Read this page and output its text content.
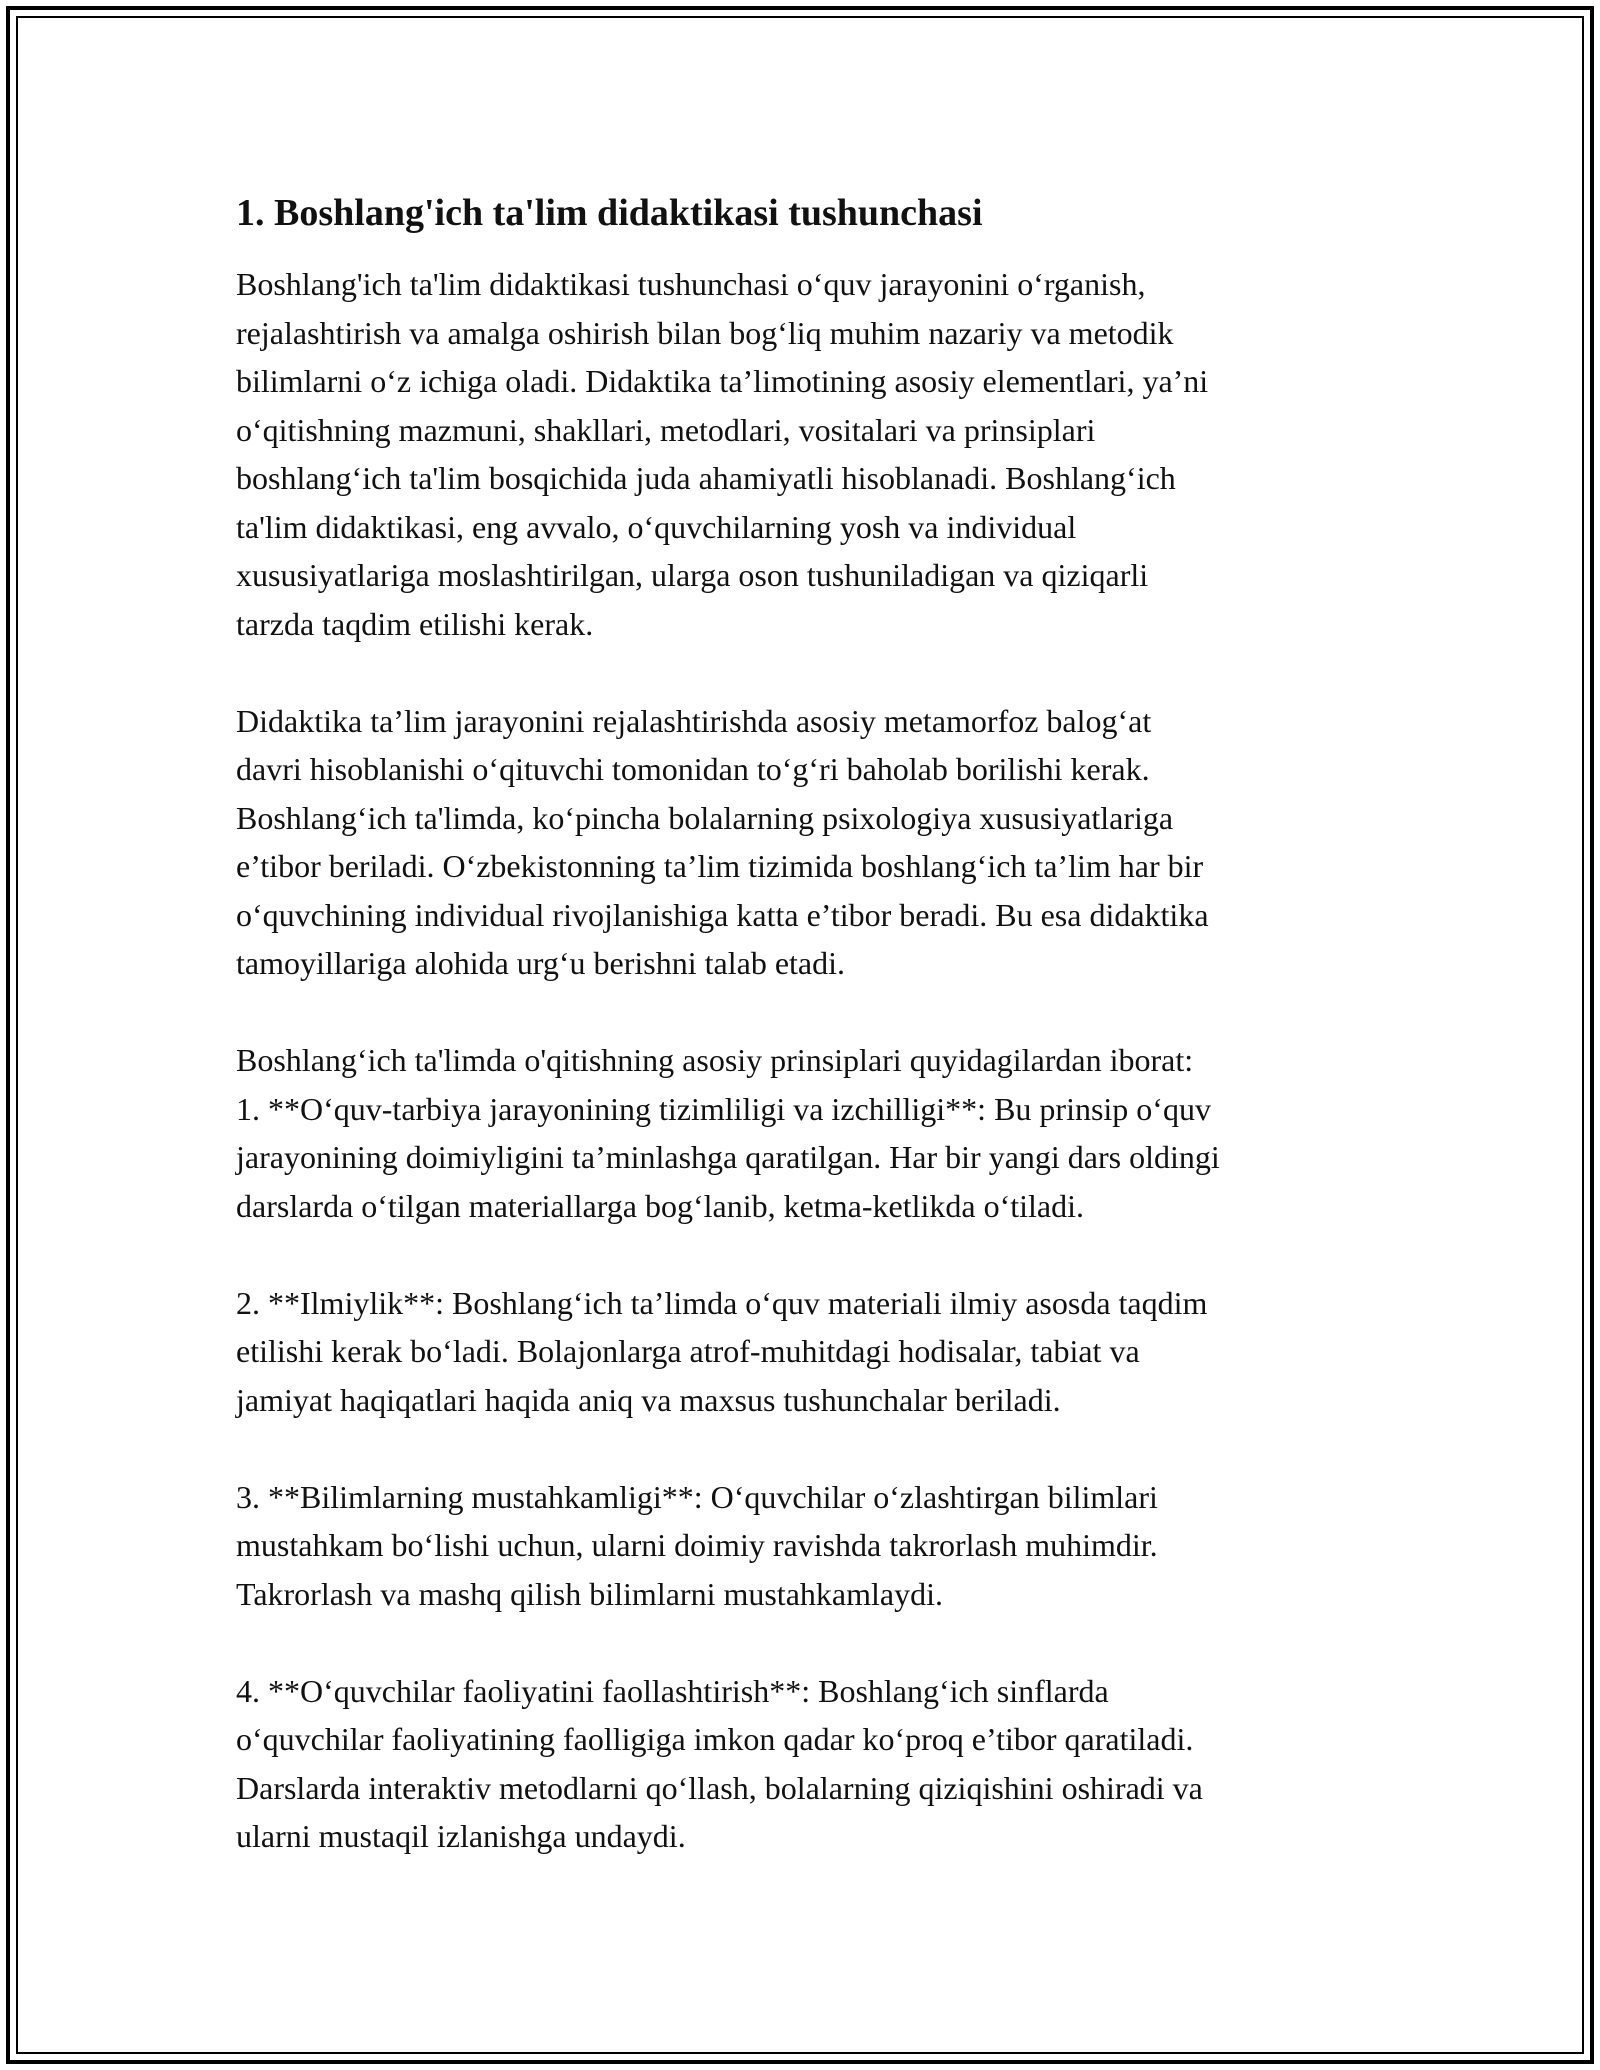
1. Boshlang'ich ta'lim didaktikasi tushunchasi

Boshlang'ich ta'lim didaktikasi tushunchasi o‘quv jarayonini o‘rganish,
rejalashtirish va amalga oshirish bilan bog‘liq muhim nazariy va metodik
bilimlarni o‘z ichiga oladi. Didaktika ta’limotining asosiy elementlari, ya’ni
o‘qitishning mazmuni, shakllari, metodlari, vositalari va prinsiplari
boshlang‘ich ta'lim bosqichida juda ahamiyatli hisoblanadi. Boshlang‘ich
ta'lim didaktikasi, eng avvalo, o‘quvchilarning yosh va individual
xususiyatlariga moslashtirilgan, ularga oson tushuniladigan va qiziqarli
tarzda taqdim etilishi kerak.

Didaktika ta’lim jarayonini rejalashtirishda asosiy metamorfoz balog‘at
davri hisoblanishi o‘qituvchi tomonidan to‘g‘ri baholab borilishi kerak.
Boshlang‘ich ta'limda, ko‘pincha bolalarning psixologiya xususiyatlariga
e’tibor beriladi. O‘zbekistonning ta’lim tizimida boshlang‘ich ta’lim har bir
o‘quvchining individual rivojlanishiga katta e’tibor beradi. Bu esa didaktika
tamoyillariga alohida urg‘u berishni talab etadi.

Boshlang‘ich ta'limda o'qitishning asosiy prinsiplari quyidagilardan iborat:
1. **O‘quv-tarbiya jarayonining tizimliligi va izchilligi**: Bu prinsip o‘quv
jarayonining doimiyligini ta’minlashga qaratilgan. Har bir yangi dars oldingi
darslarda o‘tilgan materiallarga bog‘lanib, ketma-ketlikda o‘tiladi.

2. **Ilmiylik**: Boshlang‘ich ta’limda o‘quv materiali ilmiy asosda taqdim
etilishi kerak bo‘ladi. Bolajonlarga atrof-muhitdagi hodisalar, tabiat va
jamiyat haqiqatlari haqida aniq va maxsus tushunchalar beriladi.

3. **Bilimlarning mustahkamligi**: O‘quvchilar o‘zlashtirgan bilimlari
mustahkam bo‘lishi uchun, ularni doimiy ravishda takrorlash muhimdir.
Takrorlash va mashq qilish bilimlarni mustahkamlaydi.

4. **O‘quvchilar faoliyatini faollashtirish**: Boshlang‘ich sinflarda
o‘quvchilar faoliyatining faolligiga imkon qadar ko‘proq e’tibor qaratiladi.
Darslarda interaktiv metodlarni qo‘llash, bolalarning qiziqishini oshiradi va
ularni mustaqil izlanishga undaydi.
